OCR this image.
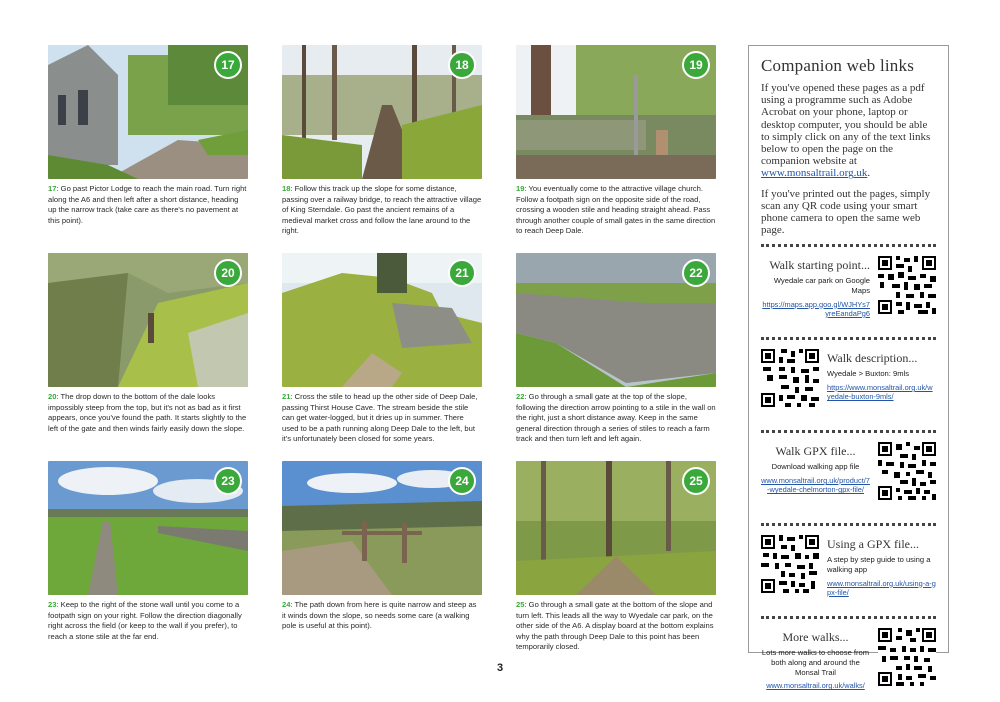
17
17: Go past Pictor Lodge to reach the main road. Turn right along the A6 and then left after a short distance, heading up the narrow track (take care as there's no pavement at this point).
18
18: Follow this track up the slope for some distance, passing over a railway bridge, to reach the attractive village of King Sterndale. Go past the ancient remains of a medieval market cross and follow the lane around to the right.
19
19: You eventually come to the attractive village church. Follow a footpath sign on the opposite side of the road, crossing a wooden stile and heading straight ahead. Pass through another couple of small gates in the same direction to reach Deep Dale.
20
20: The drop down to the bottom of the dale looks impossibly steep from the top, but it's not as bad as it first appears, once you've found the path. It starts slightly to the left of the gate and then winds fairly easily down the slope.
21
21: Cross the stile to head up the other side of Deep Dale, passing Thirst House Cave. The stream beside the stile can get water-logged, but it dries up in summer. There used to be a path running along Deep Dale to the left, but it's unfortunately been closed for some years.
22
22: Go through a small gate at the top of the slope, following the direction arrow pointing to a stile in the wall on the right, just a short distance away. Keep in the same general direction through a series of stiles to reach a farm track and then turn left and left again.
23
23: Keep to the right of the stone wall until you come to a footpath sign on your right. Follow the direction diagonally right across the field (or keep to the wall if you prefer), to reach a stone stile at the far end.
24
24: The path down from here is quite narrow and steep as it winds down the slope, so needs some care (a walking pole is useful at this point).
25
25: Go through a small gate at the bottom of the slope and turn left. This leads all the way to Wyedale car park, on the other side of the A6. A display board at the bottom explains why the path through Deep Dale to this point has been temporarily closed.
3
Companion web links

If you've opened these pages as a pdf using a programme such as Adobe Acrobat on your phone, laptop or desktop computer, you should be able to simply click on any of the text links below to open the page on the companion website at www.monsaltrail.org.uk.

If you've printed out the pages, simply scan any QR code using your smart phone camera to open the same web page.

Walk starting point...
Wyedale car park on Google Maps
https://maps.app.goo.gl/WJHYs7yreEandaPg6
Walk description...
Wyedale > Buxton: 9mls
https://www.monsaltrail.org.uk/wyedale-buxton-9mls/
Walk GPX file...
Download walking app file
www.monsaltrail.org.uk/product/7-wyedale-chelmorton-gpx-file/
Using a GPX file...
A step by step guide to using a walking app
www.monsaltrail.org.uk/using-a-gpx-file/
More walks...
Lots more walks to choose from both along and around the Monsal Trail
www.monsaltrail.org.uk/walks/
